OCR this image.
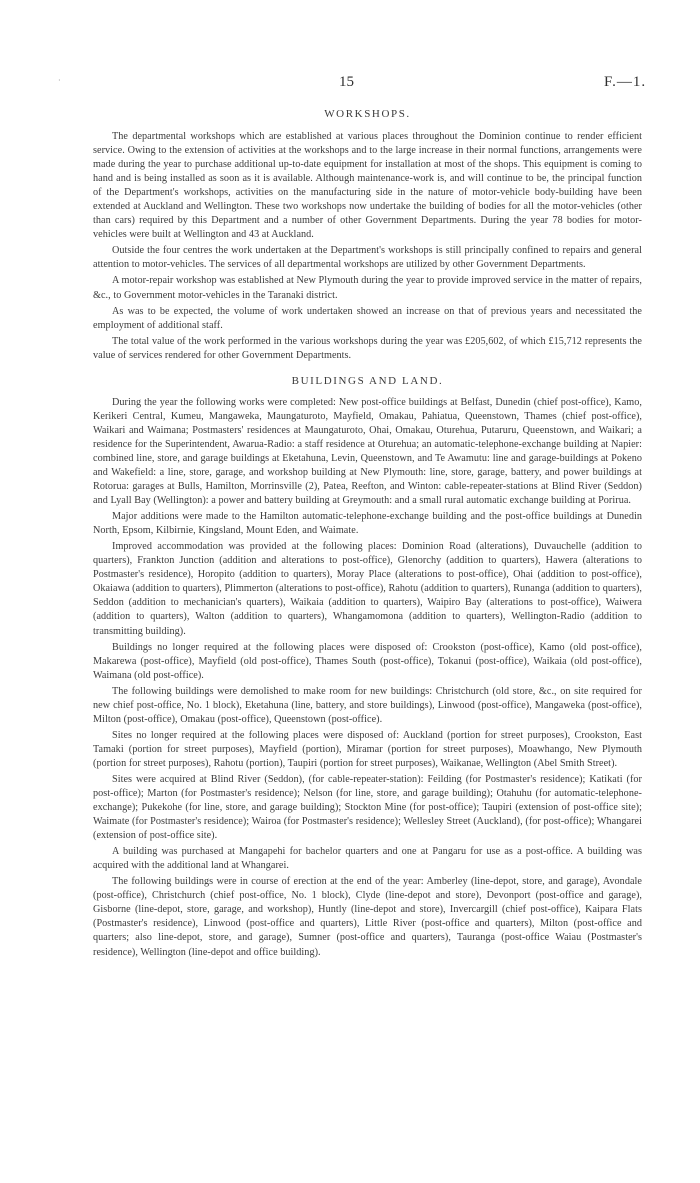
·	15	F.—1.
WORKSHOPS.

The departmental workshops which are established at various places throughout the Dominion continue to render efficient service. Owing to the extension of activities at the workshops and to the large increase in their normal functions, arrangements were made during the year to purchase additional up-to-date equipment for installation at most of the shops. This equipment is coming to hand and is being installed as soon as it is available. Although maintenance-work is, and will continue to be, the principal function of the Department's workshops, activities on the manufacturing side in the nature of motor-vehicle body-building have been extended at Auckland and Wellington. These two workshops now undertake the building of bodies for all the motor-vehicles (other than cars) required by this Department and a number of other Government Departments. During the year 78 bodies for motor-vehicles were built at Wellington and 43 at Auckland.

Outside the four centres the work undertaken at the Department's workshops is still principally confined to repairs and general attention to motor-vehicles. The services of all departmental workshops are utilized by other Government Departments.

A motor-repair workshop was established at New Plymouth during the year to provide improved service in the matter of repairs, &c., to Government motor-vehicles in the Taranaki district.

As was to be expected, the volume of work undertaken showed an increase on that of previous years and necessitated the employment of additional staff.

The total value of the work performed in the various workshops during the year was £205,602, of which £15,712 represents the value of services rendered for other Government Departments.

BUILDINGS AND LAND.

During the year the following works were completed: New post-office buildings at Belfast, Dunedin (chief post-office), Kamo, Kerikeri Central, Kumeu, Mangaweka, Maungaturoto, Mayfield, Omakau, Pahiatua, Queenstown, Thames (chief post-office), Waikari and Waimana; Postmasters' residences at Maungaturoto, Ohai, Omakau, Oturehua, Putaruru, Queenstown, and Waikari; a residence for the Superintendent, Awarua-Radio: a staff residence at Oturehua; an automatic-telephone-exchange building at Napier: combined line, store, and garage buildings at Eketahuna, Levin, Queenstown, and Te Awamutu: line and garage-buildings at Pokeno and Wakefield: a line, store, garage, and workshop building at New Plymouth: line, store, garage, battery, and power buildings at Rotorua: garages at Bulls, Hamilton, Morrinsville (2), Patea, Reefton, and Winton: cable-repeater-stations at Blind River (Seddon) and Lyall Bay (Wellington): a power and battery building at Greymouth: and a small rural automatic exchange building at Porirua.

Major additions were made to the Hamilton automatic-telephone-exchange building and the post-office buildings at Dunedin North, Epsom, Kilbirnie, Kingsland, Mount Eden, and Waimate.

Improved accommodation was provided at the following places: Dominion Road (alterations), Duvauchelle (addition to quarters), Frankton Junction (addition and alterations to post-office), Glenorchy (addition to quarters), Hawera (alterations to Postmaster's residence), Horopito (addition to quarters), Moray Place (alterations to post-office), Ohai (addition to post-office), Okaiawa (addition to quarters), Plimmerton (alterations to post-office), Rahotu (addition to quarters), Runanga (addition to quarters), Seddon (addition to mechanician's quarters), Waikaia (addition to quarters), Waipiro Bay (alterations to post-office), Waiwera (addition to quarters), Walton (addition to quarters), Whangamomona (addition to quarters), Wellington-Radio (addition to transmitting building).

Buildings no longer required at the following places were disposed of: Crookston (post-office), Kamo (old post-office), Makarewa (post-office), Mayfield (old post-office), Thames South (post-office), Tokanui (post-office), Waikaia (old post-office), Waimana (old post-office).

The following buildings were demolished to make room for new buildings: Christchurch (old store, &c., on site required for new chief post-office, No. 1 block), Eketahuna (line, battery, and store buildings), Linwood (post-office), Mangaweka (post-office), Milton (post-office), Omakau (post-office), Queenstown (post-office).

Sites no longer required at the following places were disposed of: Auckland (portion for street purposes), Crookston, East Tamaki (portion for street purposes), Mayfield (portion), Miramar (portion for street purposes), Moawhango, New Plymouth (portion for street purposes), Rahotu (portion), Taupiri (portion for street purposes), Waikanae, Wellington (Abel Smith Street).

Sites were acquired at Blind River (Seddon), (for cable-repeater-station): Feilding (for Postmaster's residence); Katikati (for post-office); Marton (for Postmaster's residence); Nelson (for line, store, and garage building); Otahuhu (for automatic-telephone-exchange); Pukekohe (for line, store, and garage building); Stockton Mine (for post-office); Taupiri (extension of post-office site); Waimate (for Postmaster's residence); Wairoa (for Postmaster's residence); Wellesley Street (Auckland), (for post-office); Whangarei (extension of post-office site).

A building was purchased at Mangapehi for bachelor quarters and one at Pangaru for use as a post-office. A building was acquired with the additional land at Whangarei.

The following buildings were in course of erection at the end of the year: Amberley (line-depot, store, and garage), Avondale (post-office), Christchurch (chief post-office, No. 1 block), Clyde (line-depot and store), Devonport (post-office and garage), Gisborne (line-depot, store, garage, and workshop), Huntly (line-depot and store), Invercargill (chief post-office), Kaipara Flats (Postmaster's residence), Linwood (post-office and quarters), Little River (post-office and quarters), Milton (post-office and quarters; also line-depot, store, and garage), Sumner (post-office and quarters), Tauranga (post-office Waiau (Postmaster's residence), Wellington (line-depot and office building).
